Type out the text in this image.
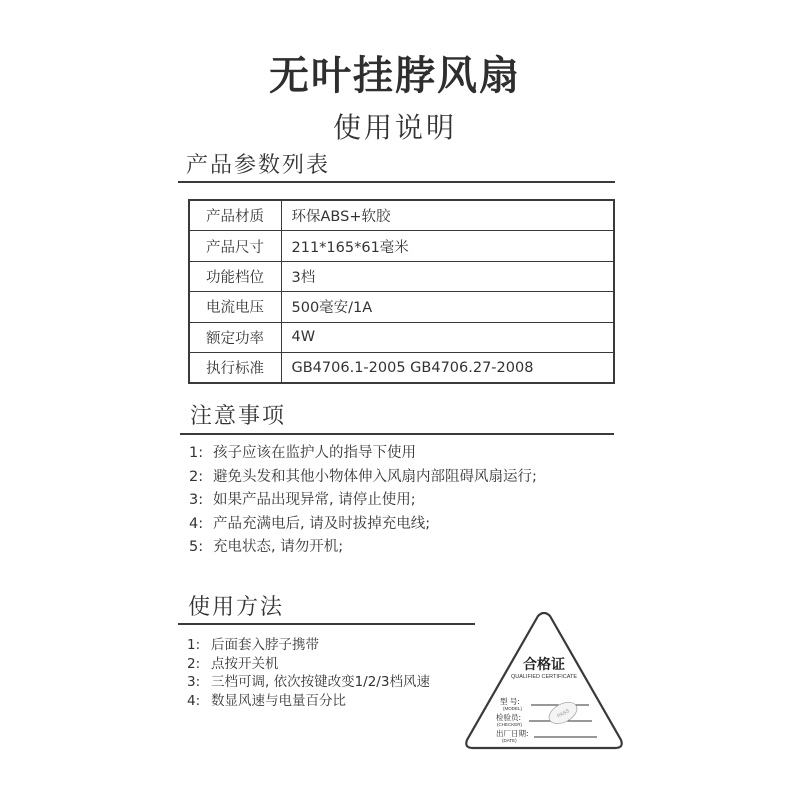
无叶挂脖风扇
使用说明
产品参数列表
产品材质	环保ABS+软胶
产品尺寸	211*165*61毫米
功能档位	3档
电流电压	500毫安/1A
额定功率	4W
执行标准	GB4706.1-2005 GB4706.27-2008
注意事项
1: 孩子应该在监护人的指导下使用
2: 避免头发和其他小物体伸入风扇内部阻碍风扇运行;
3: 如果产品出现异常, 请停止使用;
4: 产品充满电后, 请及时拔掉充电线;
5: 充电状态, 请勿开机;
使用方法
1: 后面套入脖子携带
2: 点按开关机
3: 三档可调, 依次按键改变1/2/3档风速
4: 数显风速与电量百分比
合格证
QUALIFIED CERTIFICATE
型 号:
(MODEL)
检验员:
(CHECKER)
出厂日期:
(DATE)
PASS
